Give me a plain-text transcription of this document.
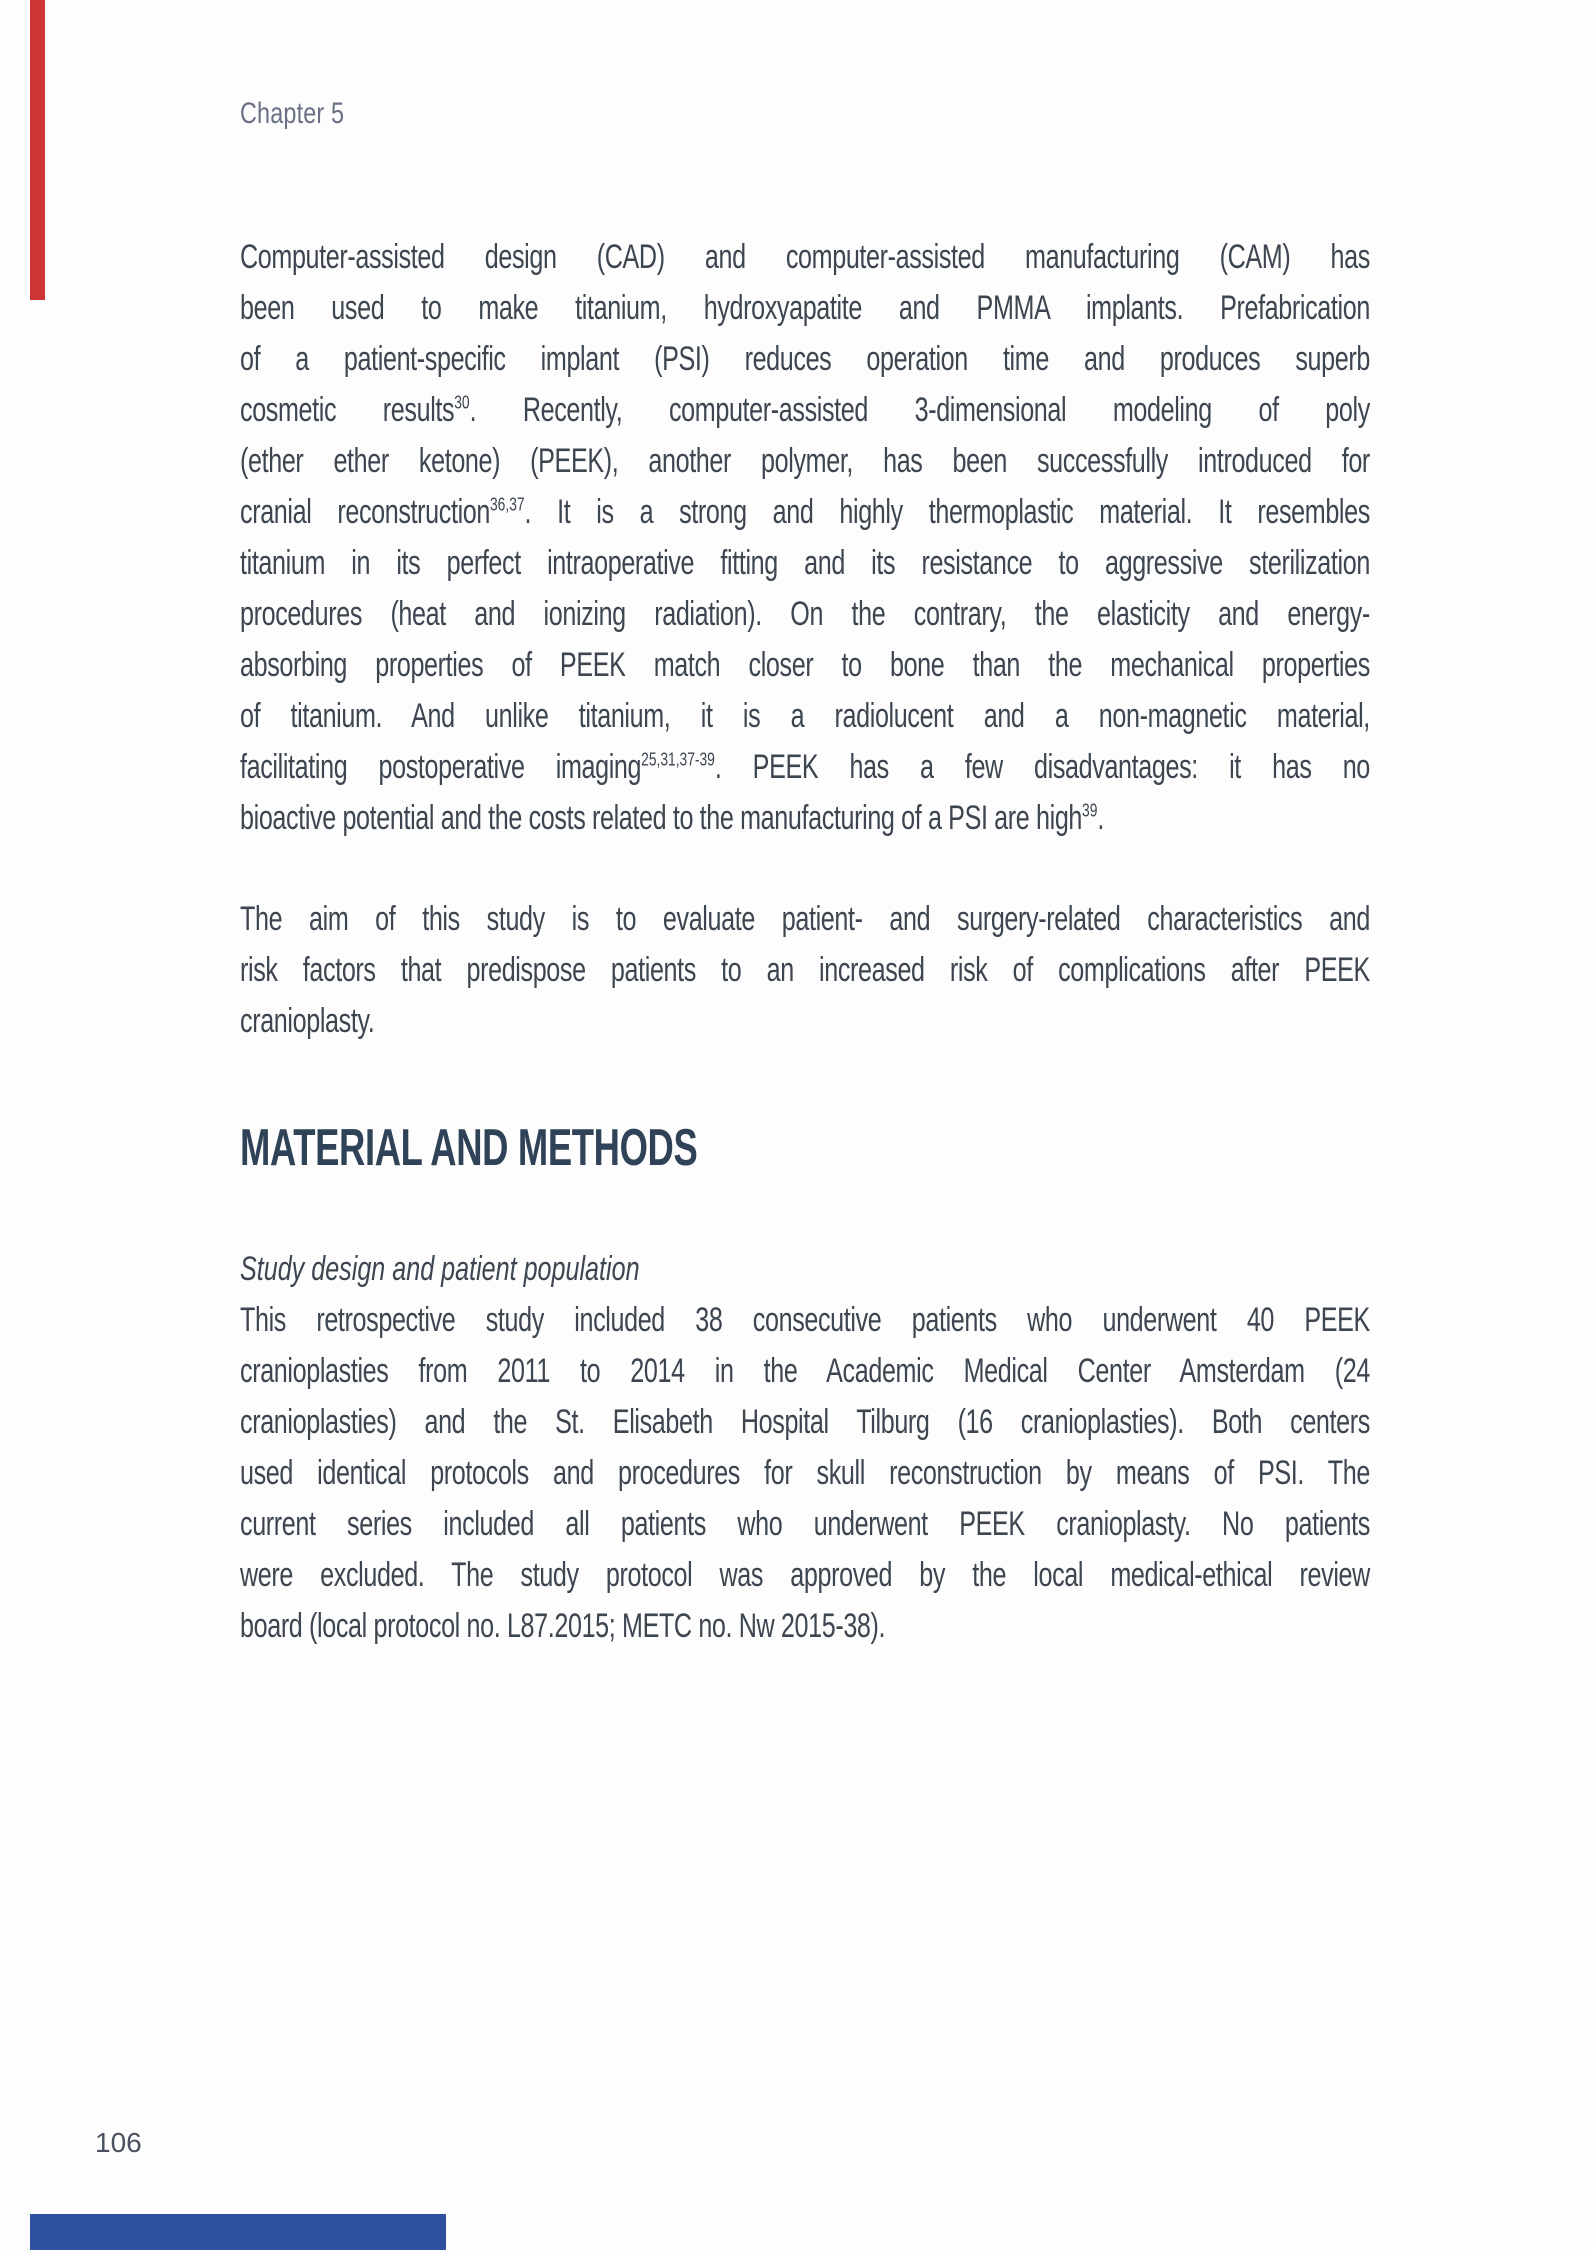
Chapter 5
Computer-assisted design (CAD) and computer-assisted manufacturing (CAM) has
been used to make titanium, hydroxyapatite and PMMA implants. Prefabrication
of a patient-specific implant (PSI) reduces operation time and produces superb
cosmetic results$^{30}$. Recently, computer-assisted 3-dimensional modeling of poly
(ether ether ketone) (PEEK), another polymer, has been successfully introduced for
cranial reconstruction$^{36,37}$. It is a strong and highly thermoplastic material. It resembles
titanium in its perfect intraoperative fitting and its resistance to aggressive sterilization
procedures (heat and ionizing radiation). On the contrary, the elasticity and energy-
absorbing properties of PEEK match closer to bone than the mechanical properties
of titanium. And unlike titanium, it is a radiolucent and a non-magnetic material,
facilitating postoperative imaging$^{25,31,37-39}$. PEEK has a few disadvantages: it has no
bioactive potential and the costs related to the manufacturing of a PSI are high$^{39}$.
The aim of this study is to evaluate patient- and surgery-related characteristics and
risk factors that predispose patients to an increased risk of complications after PEEK
cranioplasty.
MATERIAL AND METHODS
Study design and patient population
This retrospective study included 38 consecutive patients who underwent 40 PEEK
cranioplasties from 2011 to 2014 in the Academic Medical Center Amsterdam (24
cranioplasties) and the St. Elisabeth Hospital Tilburg (16 cranioplasties). Both centers
used identical protocols and procedures for skull reconstruction by means of PSI. The
current series included all patients who underwent PEEK cranioplasty. No patients
were excluded. The study protocol was approved by the local medical-ethical review
board (local protocol no. L87.2015; METC no. Nw 2015-38).
106
